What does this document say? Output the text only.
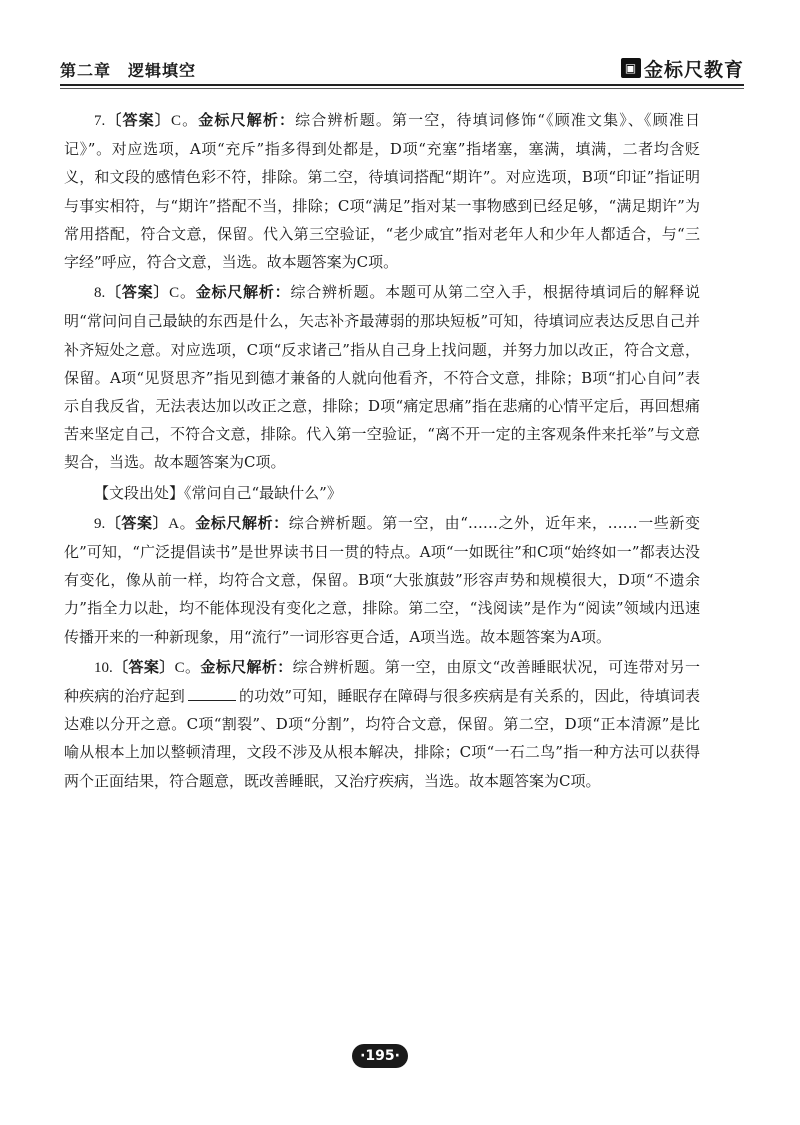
第二章　逻辑填空	▣ 金标尺教育

7.〔答案〕C。金标尺解析：综合辨析题。第一空，待填词修饰“《顾准文集》、《顾准日记》”。对应选项，A项“充斥”指多得到处都是，D项“充塞”指堵塞，塞满，填满，二者均含贬义，和文段的感情色彩不符，排除。第二空，待填词搭配“期许”。对应选项，B项“印证”指证明与事实相符，与“期许”搭配不当，排除；C项“满足”指对某一事物感到已经足够，“满足期许”为常用搭配，符合文意，保留。代入第三空验证，“老少咸宜”指对老年人和少年人都适合，与“三字经”呼应，符合文意，当选。故本题答案为C项。

8.〔答案〕C。金标尺解析：综合辨析题。本题可从第二空入手，根据待填词后的解释说明“常问问自己最缺的东西是什么，矢志补齐最薄弱的那块短板”可知，待填词应表达反思自己并补齐短处之意。对应选项，C项“反求诸己”指从自己身上找问题，并努力加以改正，符合文意，保留。A项“见贤思齐”指见到德才兼备的人就向他看齐，不符合文意，排除；B项“扪心自问”表示自我反省，无法表达加以改正之意，排除；D项“痛定思痛”指在悲痛的心情平定后，再回想痛苦来坚定自己，不符合文意，排除。代入第一空验证，“离不开一定的主客观条件来托举”与文意契合，当选。故本题答案为C项。

【文段出处】《常问自己“最缺什么”》

9.〔答案〕A。金标尺解析：综合辨析题。第一空，由“……之外，近年来，……一些新变化”可知，“广泛提倡读书”是世界读书日一贯的特点。A项“一如既往”和C项“始终如一”都表达没有变化，像从前一样，均符合文意，保留。B项“大张旗鼓”形容声势和规模很大，D项“不遗余力”指全力以赴，均不能体现没有变化之意，排除。第二空，“浅阅读”是作为“阅读”领域内迅速传播开来的一种新现象，用“流行”一词形容更合适，A项当选。故本题答案为A项。

10.〔答案〕C。金标尺解析：综合辨析题。第一空，由原文“改善睡眠状况，可连带对另一种疾病的治疗起到	的功效”可知，睡眠存在障碍与很多疾病是有关系的，因此，待填词表达难以分开之意。C项“割裂”、D项“分割”，均符合文意，保留。第二空，D项“正本清源”是比喻从根本上加以整顿清理，文段不涉及从根本解决，排除；C项“一石二鸟”指一种方法可以获得两个正面结果，符合题意，既改善睡眠，又治疗疾病，当选。故本题答案为C项。

·195·
